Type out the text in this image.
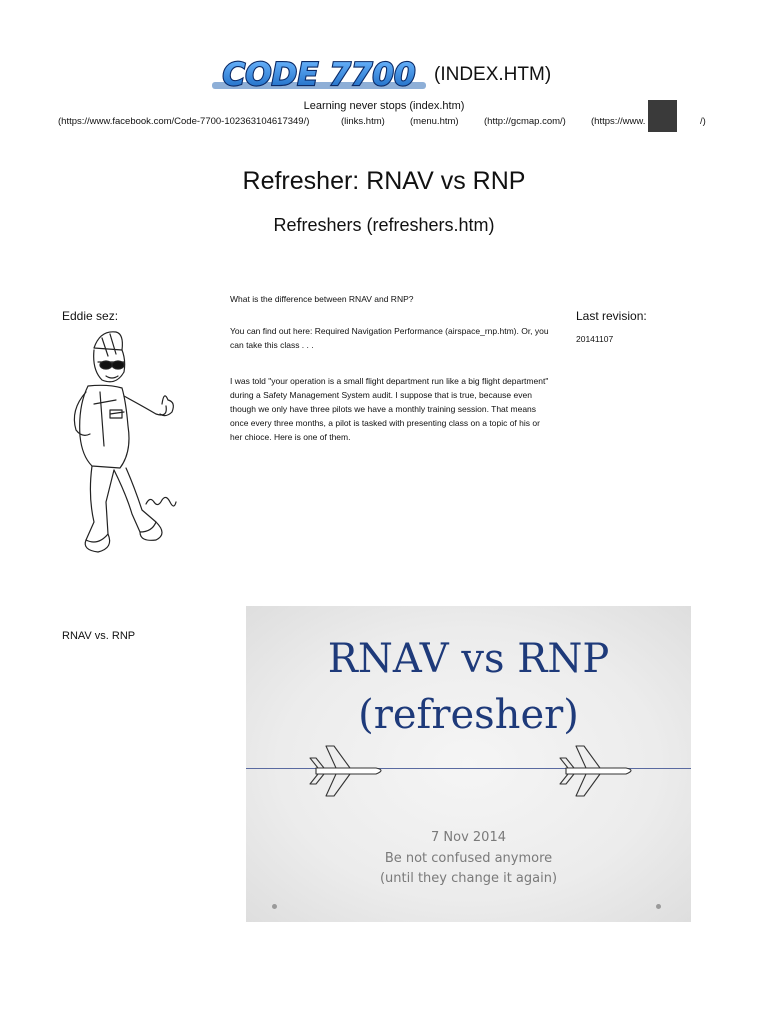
CODE 7700 (INDEX.HTM)
Learning never stops (index.htm)
(https://www.facebook.com/Code-7700-102363104617349/)	(links.htm)	(menu.htm)	(http://gcmap.com/)	(https://www.	/)
Refresher: RNAV vs RNP
Refreshers (refreshers.htm)
Eddie sez:
What is the difference between RNAV and RNP?
You can find out here: Required Navigation Performance (airspace_rnp.htm). Or, you can take this class . . .
I was told "your operation is a small flight department run like a big flight department" during a Safety Management System audit. I suppose that is true, because even though we only have three pilots we have a monthly training session. That means once every three months, a pilot is tasked with presenting class on a topic of his or her chioce. Here is one of them.
Last revision:
20141107
RNAV vs. RNP	RNAV vs RNP
(refresher)
7 Nov 2014
Be not confused anymore
(until they change it again)
